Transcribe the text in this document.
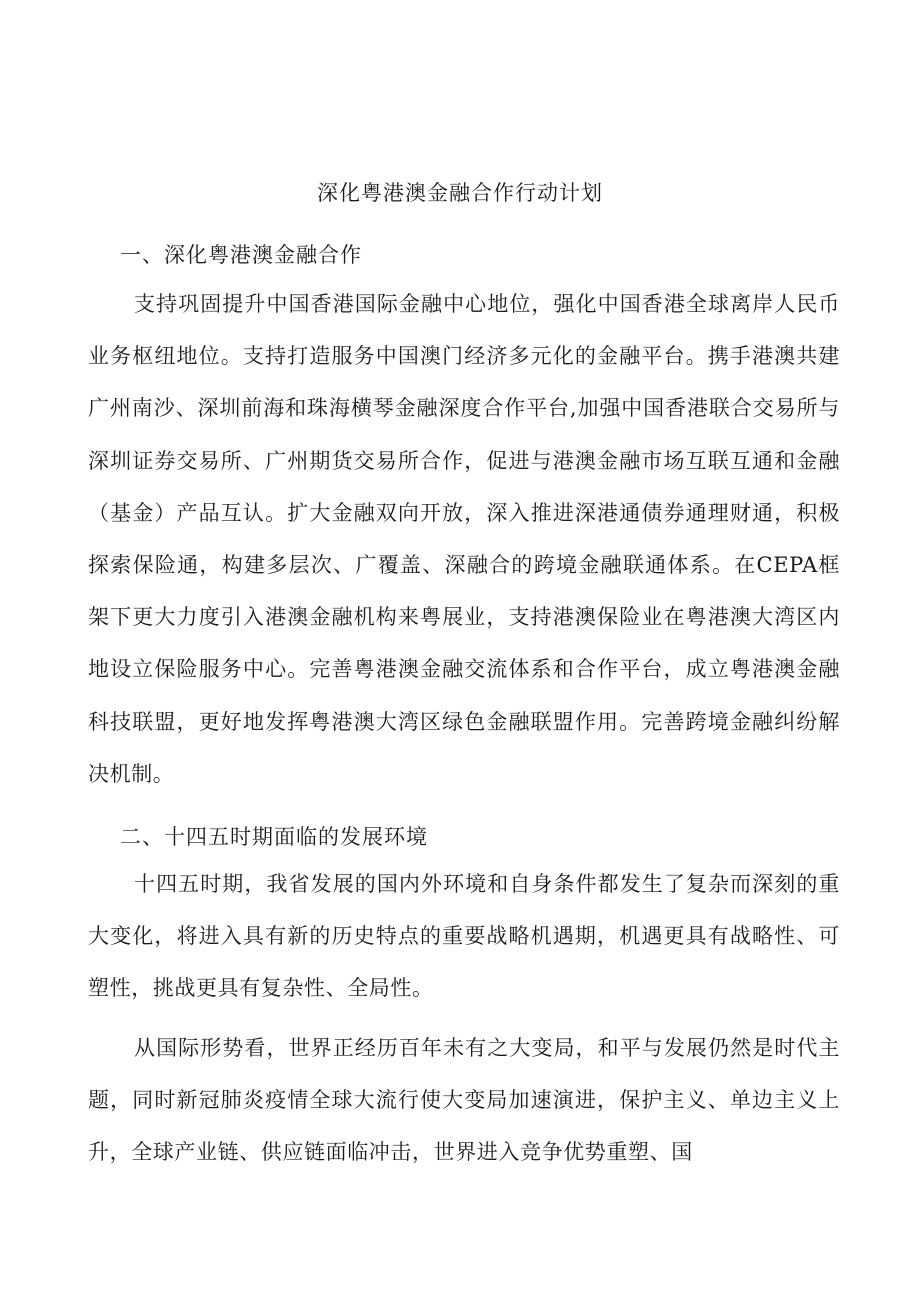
深化粤港澳金融合作行动计划
一、深化粤港澳金融合作

支持巩固提升中国香港国际金融中心地位，强化中国香港全球离岸人民币业务枢纽地位。支持打造服务中国澳门经济多元化的金融平台。携手港澳共建广州南沙、深圳前海和珠海横琴金融深度合作平台,加强中国香港联合交易所与深圳证券交易所、广州期货交易所合作，促进与港澳金融市场互联互通和金融（基金）产品互认。扩大金融双向开放，深入推进深港通债券通理财通，积极探索保险通，构建多层次、广覆盖、深融合的跨境金融联通体系。在CEPA框架下更大力度引入港澳金融机构来粤展业，支持港澳保险业在粤港澳大湾区内地设立保险服务中心。完善粤港澳金融交流体系和合作平台，成立粤港澳金融科技联盟，更好地发挥粤港澳大湾区绿色金融联盟作用。完善跨境金融纠纷解决机制。

二、十四五时期面临的发展环境

十四五时期，我省发展的国内外环境和自身条件都发生了复杂而深刻的重大变化，将进入具有新的历史特点的重要战略机遇期，机遇更具有战略性、可塑性，挑战更具有复杂性、全局性。

从国际形势看，世界正经历百年未有之大变局，和平与发展仍然是时代主题，同时新冠肺炎疫情全球大流行使大变局加速演进，保护主义、单边主义上升，全球产业链、供应链面临冲击，世界进入竞争优势重塑、国
